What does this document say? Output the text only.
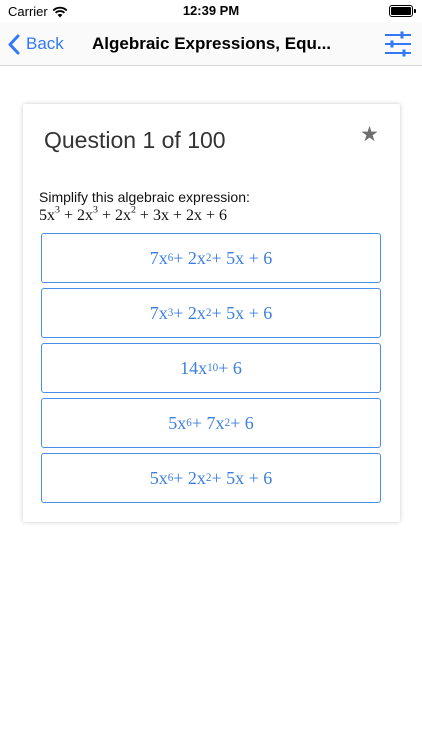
Carrier	12:39 PM
Back Algebraic Expressions, Equ...
Question 1 of 100	★
Simplify this algebraic expression:
$5x^3 + 2x^3 + 2x^2 + 3x + 2x + 6$
7x 6 + 2x 2 + 5x + 6
7x 3 + 2x 2 + 5x + 6
14x 10 + 6
5x 6 + 7x 2 + 6
5x 6 + 2x 2 + 5x + 6
